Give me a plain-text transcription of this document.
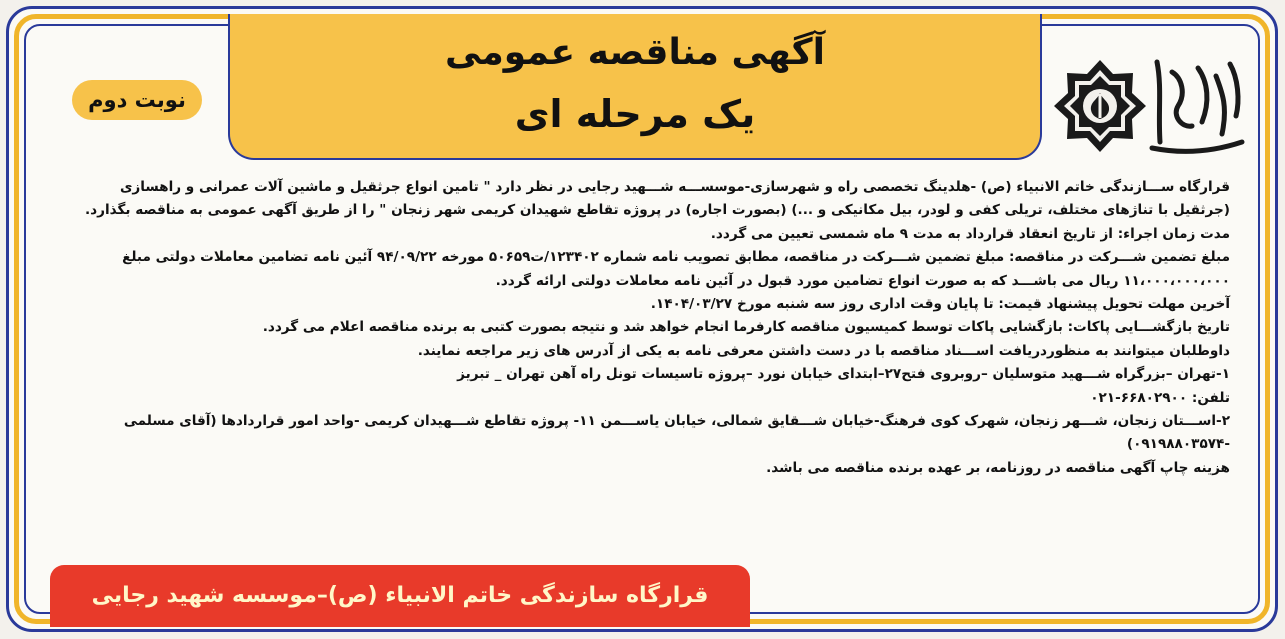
آگهی مناقصه عمومی
یک مرحله ای
نوبت دوم

قرارگاه ســـازندگی خاتم الانبیاء (ص) -هلدینگ تخصصی راه و شهرسازی-موسســـه شـــهید رجایی در نظر دارد " تامین انواع جرثقیل و ماشین آلات عمرانی و راهسازی

(جرثقیل با تناژهای مختلف، تریلی کفی و لودر، بیل مکانیکی و ...) (بصورت اجاره) در پروژه تقاطع شهیدان کریمی شهر زنجان " را از طریق آگهی عمومی به مناقصه بگذارد.

مدت زمان اجراء: از تاریخ انعقاد قرارداد به مدت ۹ ماه شمسی تعیین می گردد.

مبلغ تضمین شـــرکت در مناقصه: مبلغ تضمین شـــرکت در مناقصه، مطابق تصویب نامه شماره ۱۲۳۴۰۲/ت۵۰۶۵۹ مورخه ۹۴/۰۹/۲۲ آئین نامه تضامین معاملات دولتی مبلغ

۱۱،۰۰۰،۰۰۰،۰۰۰ ریال می باشـــد که به صورت انواع تضامین مورد قبول در آئین نامه معاملات دولتی ارائه گردد.

آخرین مهلت تحویل پیشنهاد قیمت: تا پایان وقت اداری روز سه شنبه مورخ ۱۴۰۴/۰۳/۲۷.

تاریخ بازگشـــایی پاکات: بازگشایی پاکات توسط کمیسیون مناقصه کارفرما انجام خواهد شد و نتیجه بصورت کتبی به برنده مناقصه اعلام می گردد.

داوطلبان میتوانند به منظوردریافت اســـناد مناقصه با در دست داشتن معرفی نامه به یکی از آدرس های زیر مراجعه نمایند.

۱-تهران –بزرگراه شـــهید متوسلیان –روبروی فتح۲۷–ابتدای خیابان نورد –پروژه تاسیسات تونل راه آهن تهران _ تبریز

تلفن: ۶۶۸۰۲۹۰۰-۰۲۱

۲-اســـتان زنجان، شـــهر زنجان، شهرک کوی فرهنگ-خیابان شـــقایق شمالی، خیابان یاســـمن ۱۱- پروژه تقاطع شـــهیدان کریمی -واحد امور قراردادها (آقای مسلمی

-۰۹۱۹۸۸۰۳۵۷۴)

هزینه چاپ آگهی مناقصه در روزنامه، بر عهده برنده مناقصه می باشد.

قرارگاه سازندگی خاتم الانبیاء (ص)–موسسه شهید رجایی
